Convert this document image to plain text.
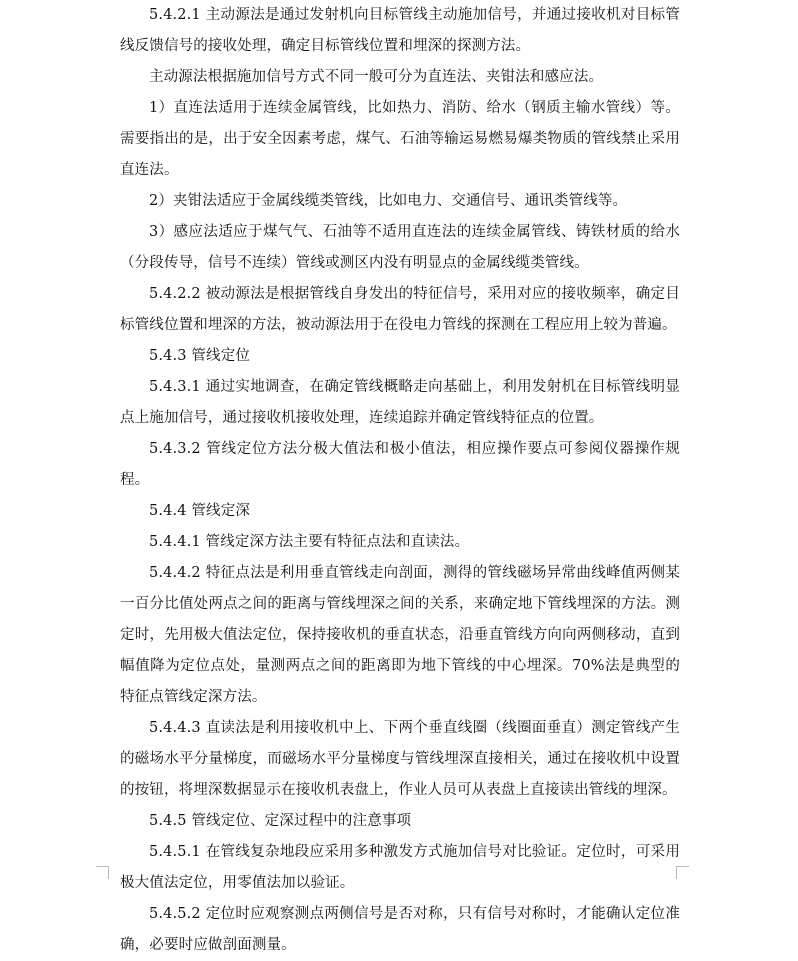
5.4.2.1 主动源法是通过发射机向目标管线主动施加信号，并通过接收机对目标管线反馈信号的接收处理，确定目标管线位置和埋深的探测方法。

主动源法根据施加信号方式不同一般可分为直连法、夹钳法和感应法。

1）直连法适用于连续金属管线，比如热力、消防、给水（钢质主输水管线）等。需要指出的是，出于安全因素考虑，煤气、石油等输运易燃易爆类物质的管线禁止采用直连法。

2）夹钳法适应于金属线缆类管线，比如电力、交通信号、通讯类管线等。

3）感应法适应于煤气气、石油等不适用直连法的连续金属管线、铸铁材质的给水（分段传导，信号不连续）管线或测区内没有明显点的金属线缆类管线。

5.4.2.2 被动源法是根据管线自身发出的特征信号，采用对应的接收频率，确定目标管线位置和埋深的方法，被动源法用于在役电力管线的探测在工程应用上较为普遍。

5.4.3 管线定位

5.4.3.1 通过实地调查，在确定管线概略走向基础上，利用发射机在目标管线明显点上施加信号，通过接收机接收处理，连续追踪并确定管线特征点的位置。

5.4.3.2 管线定位方法分极大值法和极小值法，相应操作要点可参阅仪器操作规程。

5.4.4 管线定深

5.4.4.1 管线定深方法主要有特征点法和直读法。

5.4.4.2 特征点法是利用垂直管线走向剖面，测得的管线磁场异常曲线峰值两侧某一百分比值处两点之间的距离与管线埋深之间的关系，来确定地下管线埋深的方法。测定时，先用极大值法定位，保持接收机的垂直状态，沿垂直管线方向向两侧移动，直到幅值降为定位点处，量测两点之间的距离即为地下管线的中心埋深。70%法是典型的特征点管线定深方法。

5.4.4.3 直读法是利用接收机中上、下两个垂直线圈（线圈面垂直）测定管线产生的磁场水平分量梯度，而磁场水平分量梯度与管线埋深直接相关，通过在接收机中设置的按钮，将埋深数据显示在接收机表盘上，作业人员可从表盘上直接读出管线的埋深。

5.4.5 管线定位、定深过程中的注意事项

5.4.5.1 在管线复杂地段应采用多种激发方式施加信号对比验证。定位时，可采用极大值法定位，用零值法加以验证。

5.4.5.2 定位时应观察测点两侧信号是否对称，只有信号对称时，才能确认定位准确，必要时应做剖面测量。
